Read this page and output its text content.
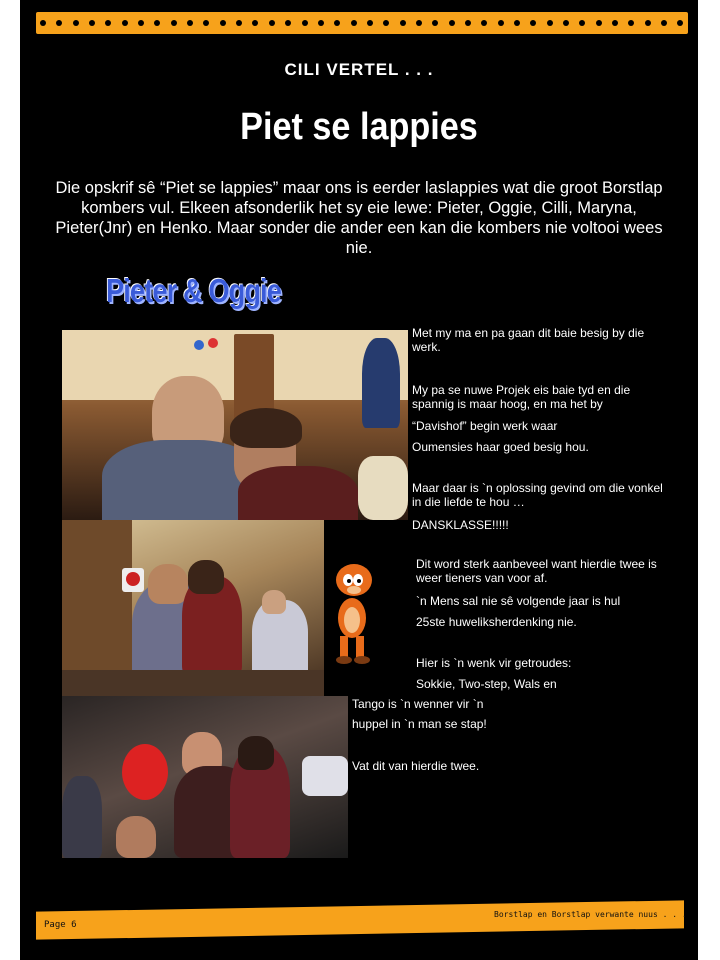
CILI VERTEL . . .
Piet se lappies
Die opskrif sê “Piet se lappies” maar ons is eerder laslappies wat die groot Borstlap kombers vul. Elkeen afsonderlik het sy eie lewe: Pieter, Oggie, Cilli, Maryna, Pieter(Jnr) en Henko. Maar sonder die ander een kan die kombers nie voltooi wees nie.
Pieter & Oggie
Met my ma en pa gaan dit baie besig by die werk.
My pa se nuwe Projek eis baie tyd en die spannig is maar hoog, en ma het by
“Davishof” begin werk waar
Oumensies haar goed besig hou.
Maar daar is `n oplossing gevind om die vonkel in die liefde te hou …
DANSKLASSE!!!!!
Dit word sterk aanbeveel want hierdie twee is weer tieners van voor af.
`n Mens sal nie sê volgende jaar is hul
25ste huweliksherdenking nie.
Hier is `n wenk vir getroudes:
Sokkie, Two-step, Wals en
Tango is `n wenner vir `n
huppel in `n man se stap!
Vat dit van hierdie twee.
Page 6
Borstlap en Borstlap verwante nuus . . .
